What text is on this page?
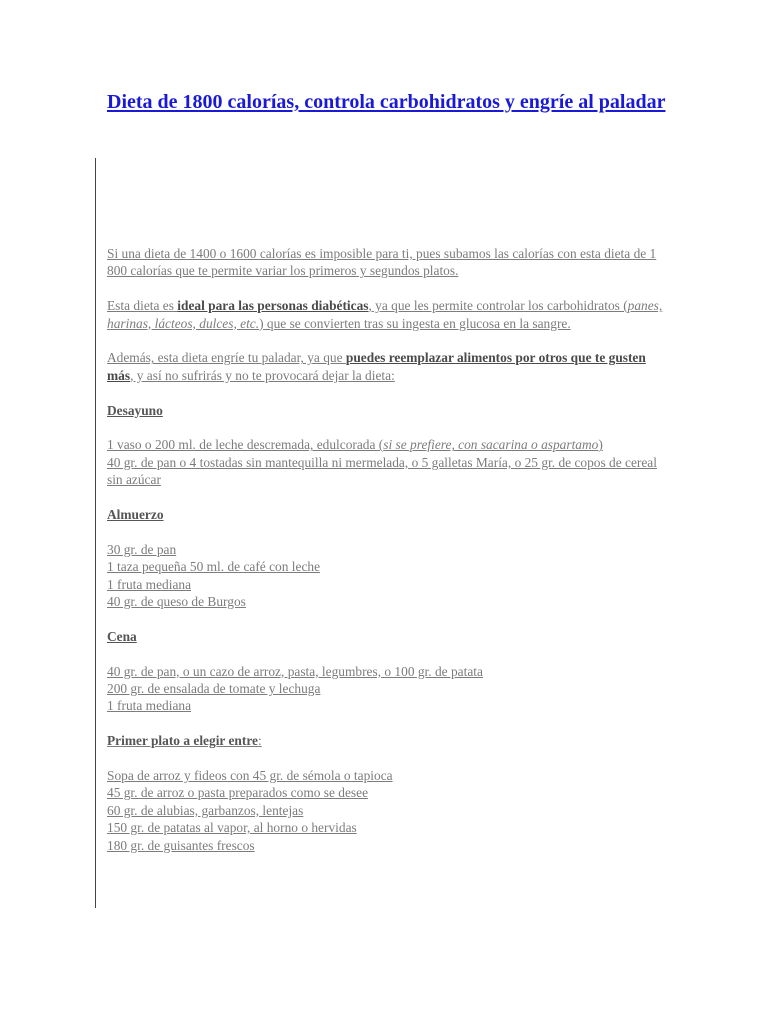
Dieta de 1800 calorías, controla carbohidratos y engríe al paladar

Si una dieta de 1400 o 1600 calorías es imposible para ti, pues subamos las calorías con esta dieta de 1 800 calorías que te permite variar los primeros y segundos platos.

Esta dieta es ideal para las personas diabéticas, ya que les permite controlar los carbohidratos (panes, harinas, lácteos, dulces, etc.) que se convierten tras su ingesta en glucosa en la sangre.

Además, esta dieta engríe tu paladar, ya que puedes reemplazar alimentos por otros que te gusten más, y así no sufrirás y no te provocará dejar la dieta:

Desayuno

1 vaso o 200 ml. de leche descremada, edulcorada (si se prefiere, con sacarina o aspartamo)
40 gr. de pan o 4 tostadas sin mantequilla ni mermelada, o 5 galletas María, o 25 gr. de copos de cereal sin azúcar

Almuerzo

30 gr. de pan
1 taza pequeña 50 ml. de café con leche
1 fruta mediana
40 gr. de queso de Burgos

Cena

40 gr. de pan, o un cazo de arroz, pasta, legumbres, o 100 gr. de patata
200 gr. de ensalada de tomate y lechuga
1 fruta mediana

Primer plato a elegir entre:

Sopa de arroz y fideos con 45 gr. de sémola o tapioca
45 gr. de arroz o pasta preparados como se desee
60 gr. de alubias, garbanzos, lentejas
150 gr. de patatas al vapor, al horno o hervidas
180 gr. de guisantes frescos
